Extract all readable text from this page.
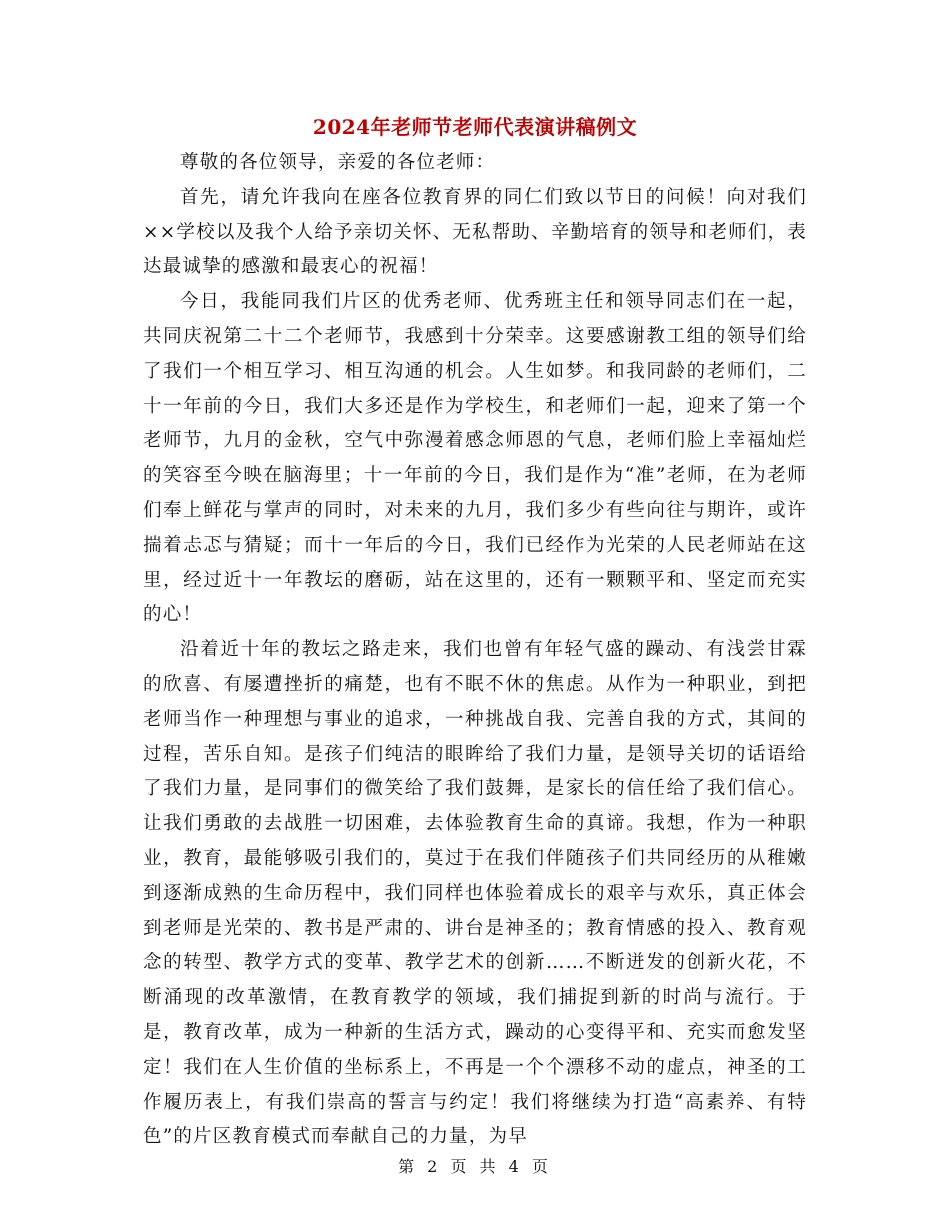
2024年老师节老师代表演讲稿例文

尊敬的各位领导，亲爱的各位老师：

首先，请允许我向在座各位教育界的同仁们致以节日的问候！向对我们××学校以及我个人给予亲切关怀、无私帮助、辛勤培育的领导和老师们，表达最诚挚的感激和最衷心的祝福！

今日，我能同我们片区的优秀老师、优秀班主任和领导同志们在一起，共同庆祝第二十二个老师节，我感到十分荣幸。这要感谢教工组的领导们给了我们一个相互学习、相互沟通的机会。人生如梦。和我同龄的老师们，二十一年前的今日，我们大多还是作为学校生，和老师们一起，迎来了第一个老师节，九月的金秋，空气中弥漫着感念师恩的气息，老师们脸上幸福灿烂的笑容至今映在脑海里；十一年前的今日，我们是作为“准”老师，在为老师们奉上鲜花与掌声的同时，对未来的九月，我们多少有些向往与期许，或许揣着忐忑与猜疑；而十一年后的今日，我们已经作为光荣的人民老师站在这里，经过近十一年教坛的磨砺，站在这里的，还有一颗颗平和、坚定而充实的心！

沿着近十年的教坛之路走来，我们也曾有年轻气盛的躁动、有浅尝甘霖的欣喜、有屡遭挫折的痛楚，也有不眠不休的焦虑。从作为一种职业，到把老师当作一种理想与事业的追求，一种挑战自我、完善自我的方式，其间的过程，苦乐自知。是孩子们纯洁的眼眸给了我们力量，是领导关切的话语给了我们力量，是同事们的微笑给了我们鼓舞，是家长的信任给了我们信心。让我们勇敢的去战胜一切困难，去体验教育生命的真谛。我想，作为一种职业，教育，最能够吸引我们的，莫过于在我们伴随孩子们共同经历的从稚嫩到逐渐成熟的生命历程中，我们同样也体验着成长的艰辛与欢乐，真正体会到老师是光荣的、教书是严肃的、讲台是神圣的；教育情感的投入、教育观念的转型、教学方式的变革、教学艺术的创新……不断迸发的创新火花，不断涌现的改革激情，在教育教学的领域，我们捕捉到新的时尚与流行。于是，教育改革，成为一种新的生活方式，躁动的心变得平和、充实而愈发坚定！我们在人生价值的坐标系上，不再是一个个漂移不动的虚点，神圣的工作履历表上，有我们崇高的誓言与约定！我们将继续为打造“高素养、有特色”的片区教育模式而奉献自己的力量，为早

第 2 页 共 4 页
